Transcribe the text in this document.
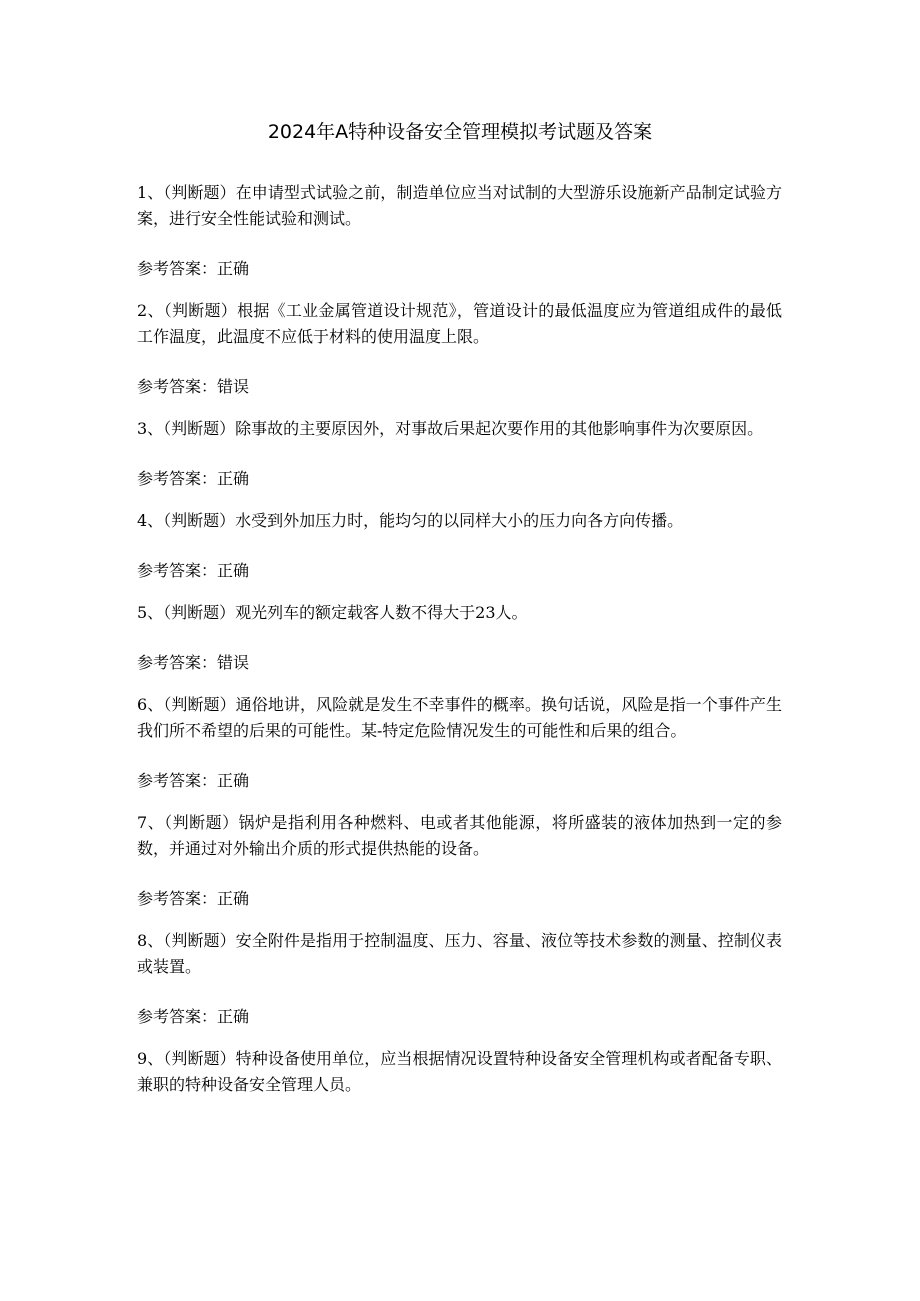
2024年A特种设备安全管理模拟考试题及答案

1、（判断题）在申请型式试验之前，制造单位应当对试制的大型游乐设施新产品制定试验方案，进行安全性能试验和测试。

参考答案：正确

2、（判断题）根据《工业金属管道设计规范》，管道设计的最低温度应为管道组成件的最低工作温度，此温度不应低于材料的使用温度上限。

参考答案：错误

3、（判断题）除事故的主要原因外，对事故后果起次要作用的其他影响事件为次要原因。

参考答案：正确

4、（判断题）水受到外加压力时，能均匀的以同样大小的压力向各方向传播。

参考答案：正确

5、（判断题）观光列车的额定载客人数不得大于23人。

参考答案：错误

6、（判断题）通俗地讲，风险就是发生不幸事件的概率。换句话说，风险是指一个事件产生我们所不希望的后果的可能性。某-特定危险情况发生的可能性和后果的组合。

参考答案：正确

7、（判断题）锅炉是指利用各种燃料、电或者其他能源，将所盛装的液体加热到一定的参数，并通过对外输出介质的形式提供热能的设备。

参考答案：正确

8、（判断题）安全附件是指用于控制温度、压力、容量、液位等技术参数的测量、控制仪表或装置。

参考答案：正确

9、（判断题）特种设备使用单位，应当根据情况设置特种设备安全管理机构或者配备专职、兼职的特种设备安全管理人员。
